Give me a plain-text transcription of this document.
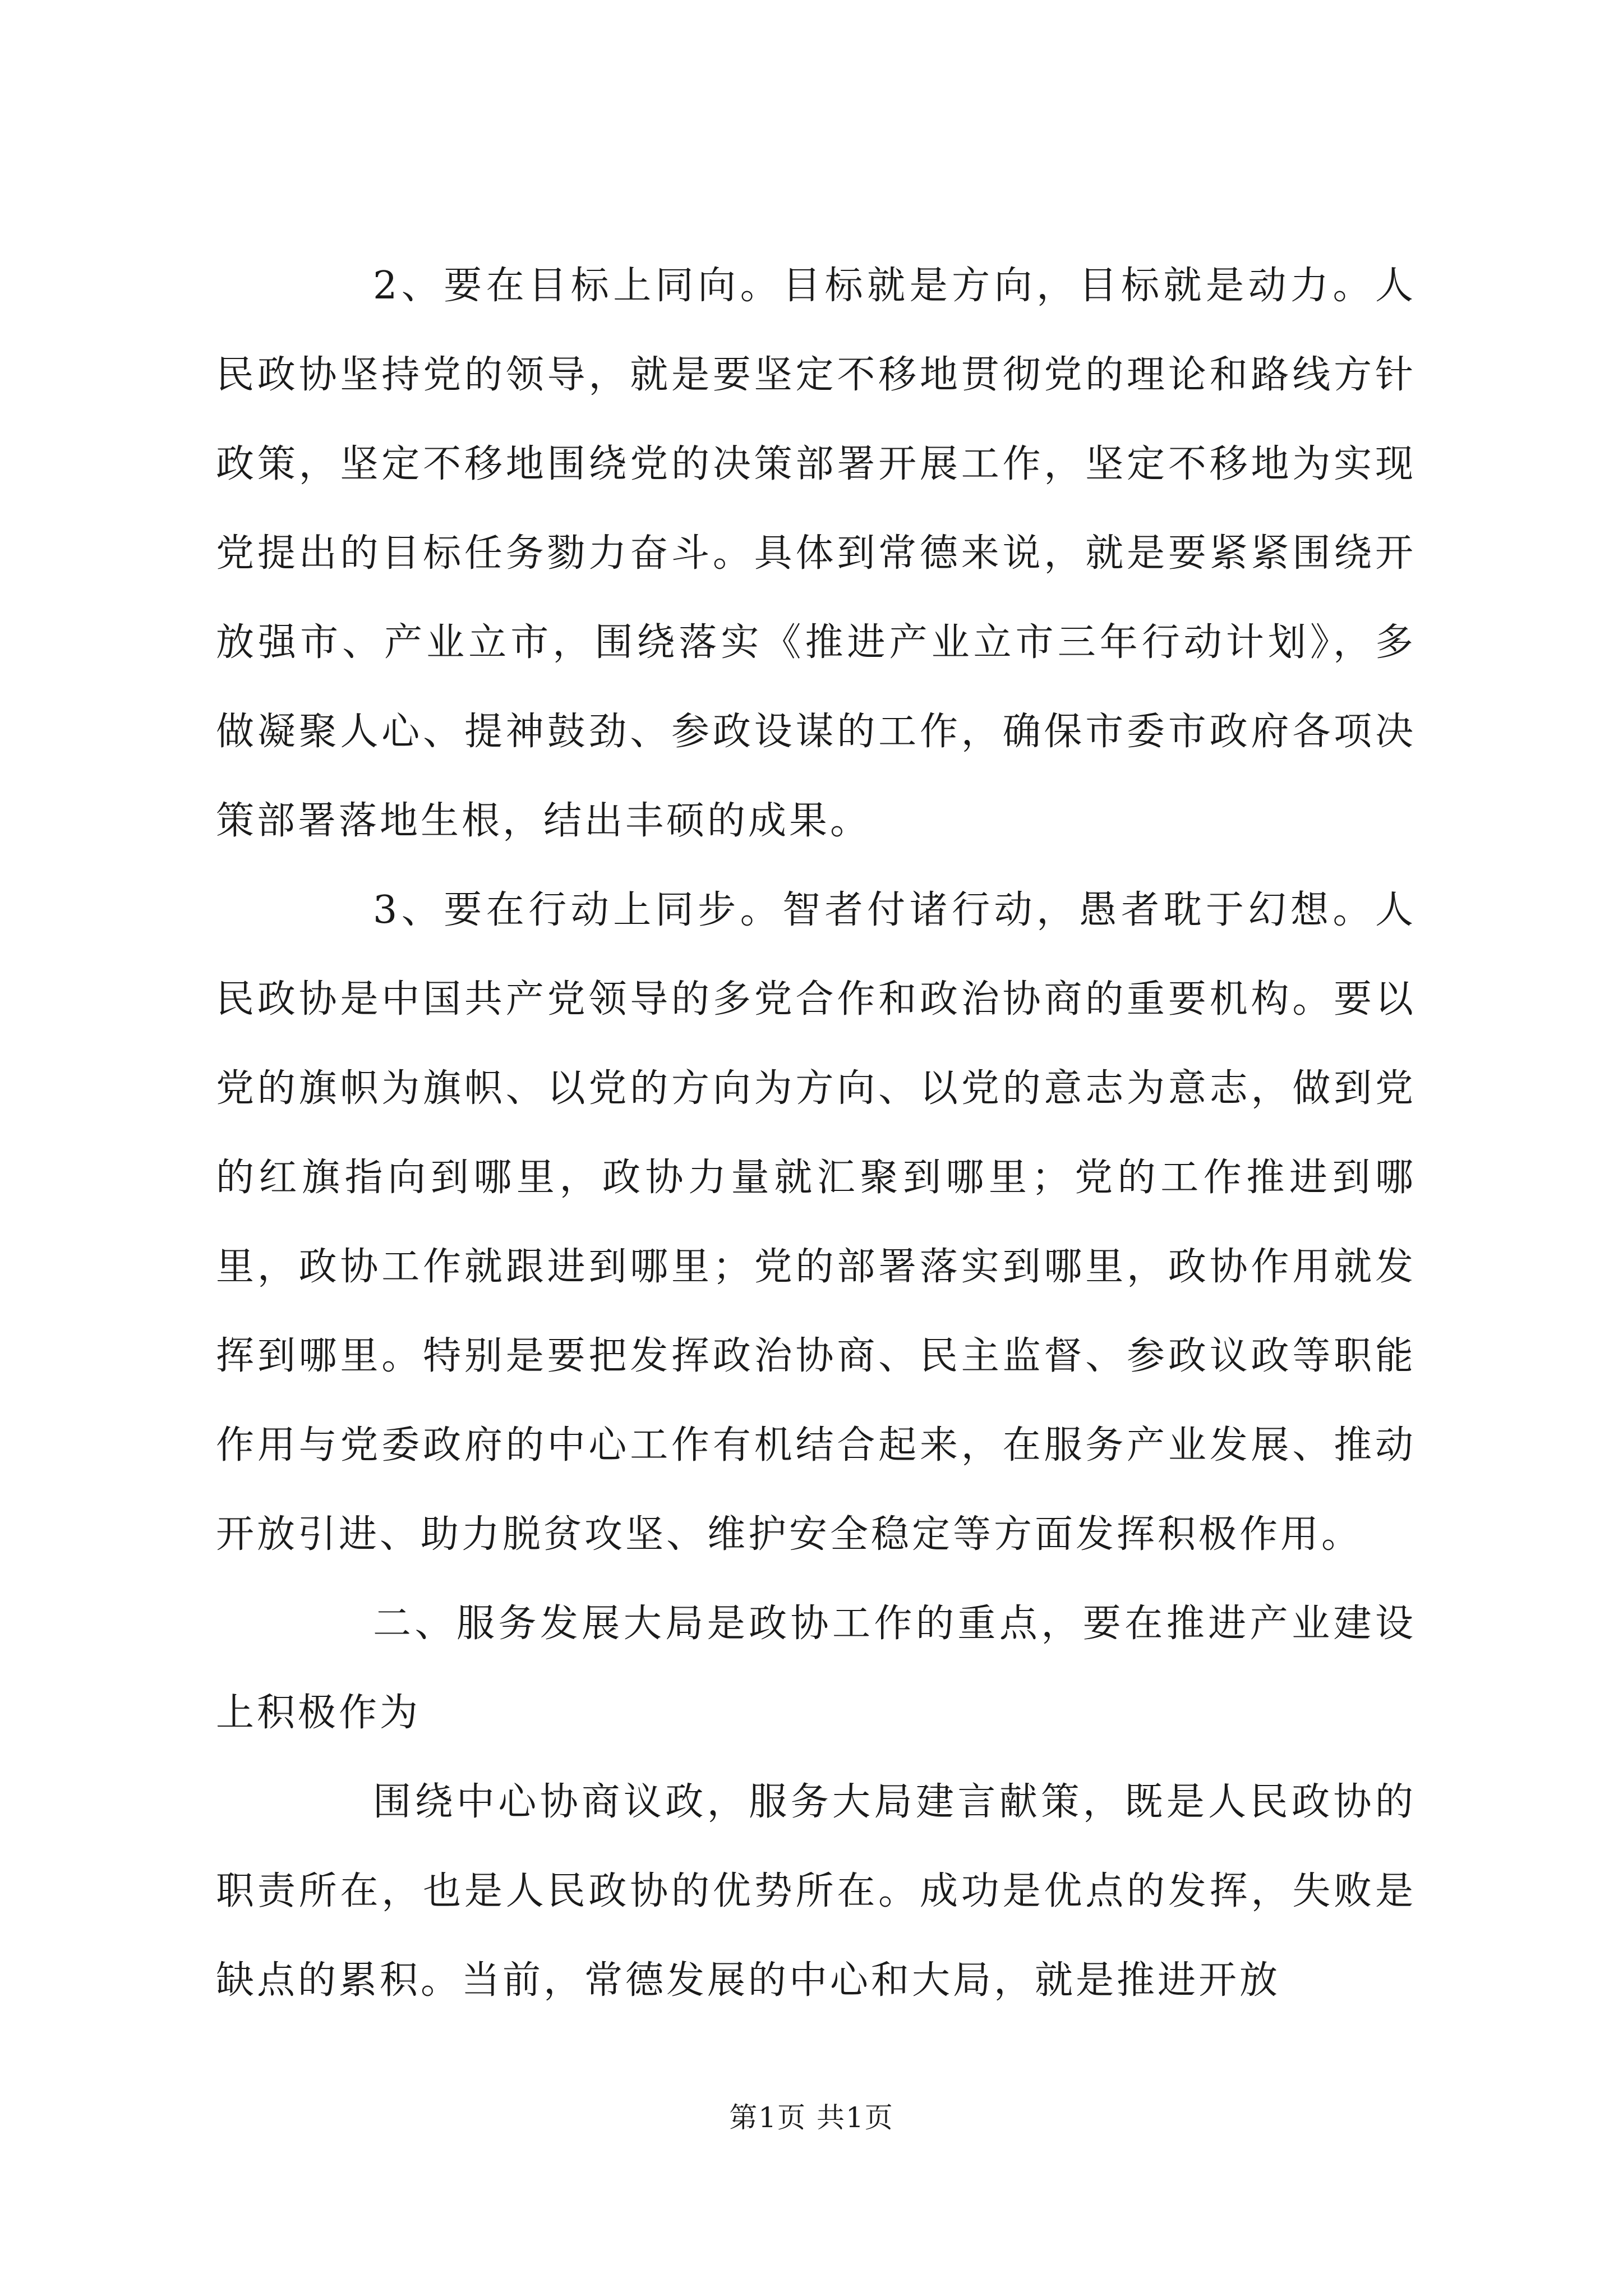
2、要在目标上同向。目标就是方向，目标就是动力。人民政协坚持党的领导，就是要坚定不移地贯彻党的理论和路线方针政策，坚定不移地围绕党的决策部署开展工作，坚定不移地为实现党提出的目标任务勠力奋斗。具体到常德来说，就是要紧紧围绕开放强市、产业立市，围绕落实《推进产业立市三年行动计划》，多做凝聚人心、提神鼓劲、参政设谋的工作，确保市委市政府各项决策部署落地生根，结出丰硕的成果。

3、要在行动上同步。智者付诸行动，愚者耽于幻想。人民政协是中国共产党领导的多党合作和政治协商的重要机构。要以党的旗帜为旗帜、以党的方向为方向、以党的意志为意志，做到党的红旗指向到哪里，政协力量就汇聚到哪里；党的工作推进到哪里，政协工作就跟进到哪里；党的部署落实到哪里，政协作用就发挥到哪里。特别是要把发挥政治协商、民主监督、参政议政等职能作用与党委政府的中心工作有机结合起来，在服务产业发展、推动开放引进、助力脱贫攻坚、维护安全稳定等方面发挥积极作用。

二、服务发展大局是政协工作的重点，要在推进产业建设上积极作为

围绕中心协商议政，服务大局建言献策，既是人民政协的职责所在，也是人民政协的优势所在。成功是优点的发挥，失败是缺点的累积。当前，常德发展的中心和大局，就是推进开放

第1页 共1页
